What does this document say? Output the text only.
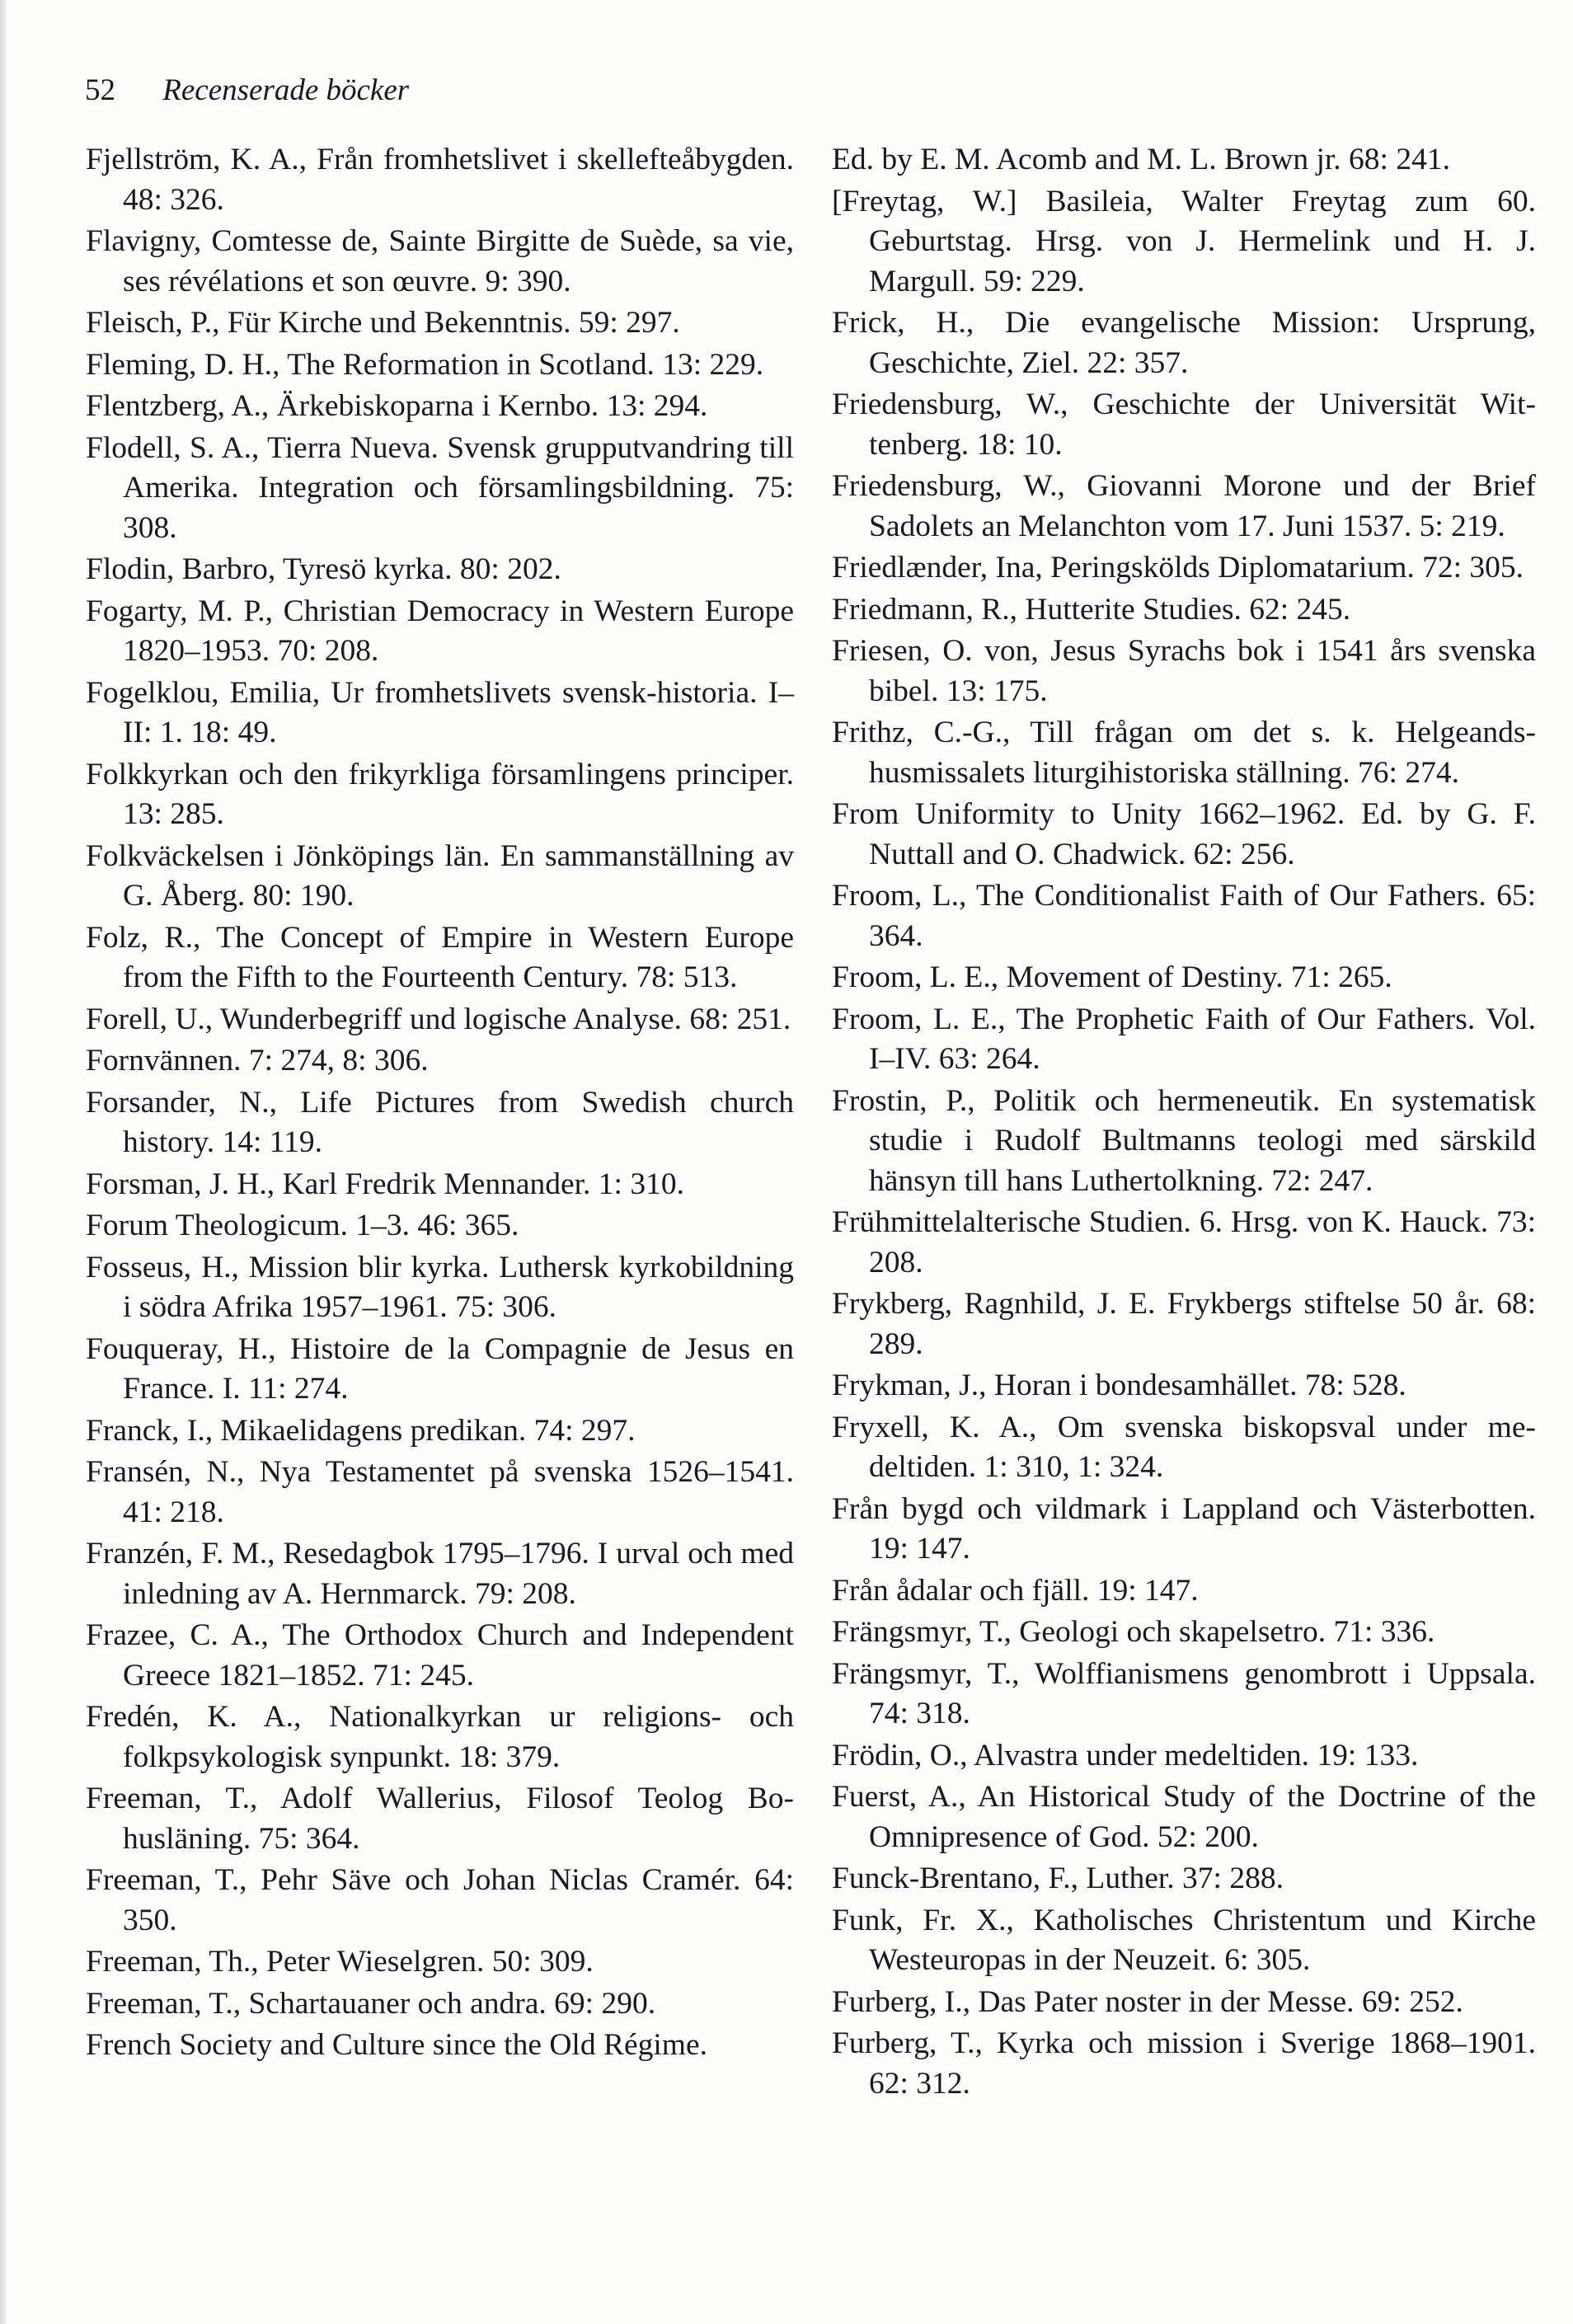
52 Recenserade böcker

Fjellström, K. A., Från fromhetslivet i skellefteåbygden. 48: 326.

Flavigny, Comtesse de, Sainte Birgitte de Suède, sa vie, ses révélations et son œuvre. 9: 390.

Fleisch, P., Für Kirche und Bekenntnis. 59: 297.

Fleming, D. H., The Reformation in Scotland. 13: 229.

Flentzberg, A., Ärkebiskoparna i Kernbo. 13: 294.

Flodell, S. A., Tierra Nueva. Svensk grupputvandring till Amerika. Integration och församlingsbildning. 75: 308.

Flodin, Barbro, Tyresö kyrka. 80: 202.

Fogarty, M. P., Christian Democracy in Western Europe 1820–1953. 70: 208.

Fogelklou, Emilia, Ur fromhetslivets svensk-historia. I–II: 1. 18: 49.

Folkkyrkan och den frikyrkliga församlingens principer. 13: 285.

Folkväckelsen i Jönköpings län. En sammanställning av G. Åberg. 80: 190.

Folz, R., The Concept of Empire in Western Europe from the Fifth to the Fourteenth Century. 78: 513.

Forell, U., Wunderbegriff und logische Analyse. 68: 251.

Fornvännen. 7: 274, 8: 306.

Forsander, N., Life Pictures from Swedish church history. 14: 119.

Forsman, J. H., Karl Fredrik Mennander. 1: 310.

Forum Theologicum. 1–3. 46: 365.

Fosseus, H., Mission blir kyrka. Luthersk kyrkobildning i södra Afrika 1957–1961. 75: 306.

Fouqueray, H., Histoire de la Compagnie de Jesus en France. I. 11: 274.

Franck, I., Mikaelidagens predikan. 74: 297.

Fransén, N., Nya Testamentet på svenska 1526–1541. 41: 218.

Franzén, F. M., Resedagbok 1795–1796. I urval och med inledning av A. Hernmarck. 79: 208.

Frazee, C. A., The Orthodox Church and Independent Greece 1821–1852. 71: 245.

Fredén, K. A., Nationalkyrkan ur religions- och folkpsykologisk synpunkt. 18: 379.

Freeman, T., Adolf Wallerius, Filosof Teolog Bohusläning. 75: 364.

Freeman, T., Pehr Säve och Johan Niclas Cramér. 64: 350.

Freeman, Th., Peter Wieselgren. 50: 309.

Freeman, T., Schartauaner och andra. 69: 290.

French Society and Culture since the Old Régime.

Ed. by E. M. Acomb and M. L. Brown jr. 68: 241.

[Freytag, W.] Basileia, Walter Freytag zum 60. Geburtstag. Hrsg. von J. Hermelink und H. J. Margull. 59: 229.

Frick, H., Die evangelische Mission: Ursprung, Geschichte, Ziel. 22: 357.

Friedensburg, W., Geschichte der Universität Wittenberg. 18: 10.

Friedensburg, W., Giovanni Morone und der Brief Sadolets an Melanchton vom 17. Juni 1537. 5: 219.

Friedlænder, Ina, Peringskölds Diplomatarium. 72: 305.

Friedmann, R., Hutterite Studies. 62: 245.

Friesen, O. von, Jesus Syrachs bok i 1541 års svenska bibel. 13: 175.

Frithz, C.-G., Till frågan om det s. k. Helgeandshusmissalets liturgihistoriska ställning. 76: 274.

From Uniformity to Unity 1662–1962. Ed. by G. F. Nuttall and O. Chadwick. 62: 256.

Froom, L., The Conditionalist Faith of Our Fathers. 65: 364.

Froom, L. E., Movement of Destiny. 71: 265.

Froom, L. E., The Prophetic Faith of Our Fathers. Vol. I–IV. 63: 264.

Frostin, P., Politik och hermeneutik. En systematisk studie i Rudolf Bultmanns teologi med särskild hänsyn till hans Luthertolkning. 72: 247.

Frühmittelalterische Studien. 6. Hrsg. von K. Hauck. 73: 208.

Frykberg, Ragnhild, J. E. Frykbergs stiftelse 50 år. 68: 289.

Frykman, J., Horan i bondesamhället. 78: 528.

Fryxell, K. A., Om svenska biskopsval under medeltiden. 1: 310, 1: 324.

Från bygd och vildmark i Lappland och Västerbotten. 19: 147.

Från ådalar och fjäll. 19: 147.

Frängsmyr, T., Geologi och skapelsetro. 71: 336.

Frängsmyr, T., Wolffianismens genombrott i Uppsala. 74: 318.

Frödin, O., Alvastra under medeltiden. 19: 133.

Fuerst, A., An Historical Study of the Doctrine of the Omnipresence of God. 52: 200.

Funck-Brentano, F., Luther. 37: 288.

Funk, Fr. X., Katholisches Christentum und Kirche Westeuropas in der Neuzeit. 6: 305.

Furberg, I., Das Pater noster in der Messe. 69: 252.

Furberg, T., Kyrka och mission i Sverige 1868–1901. 62: 312.
